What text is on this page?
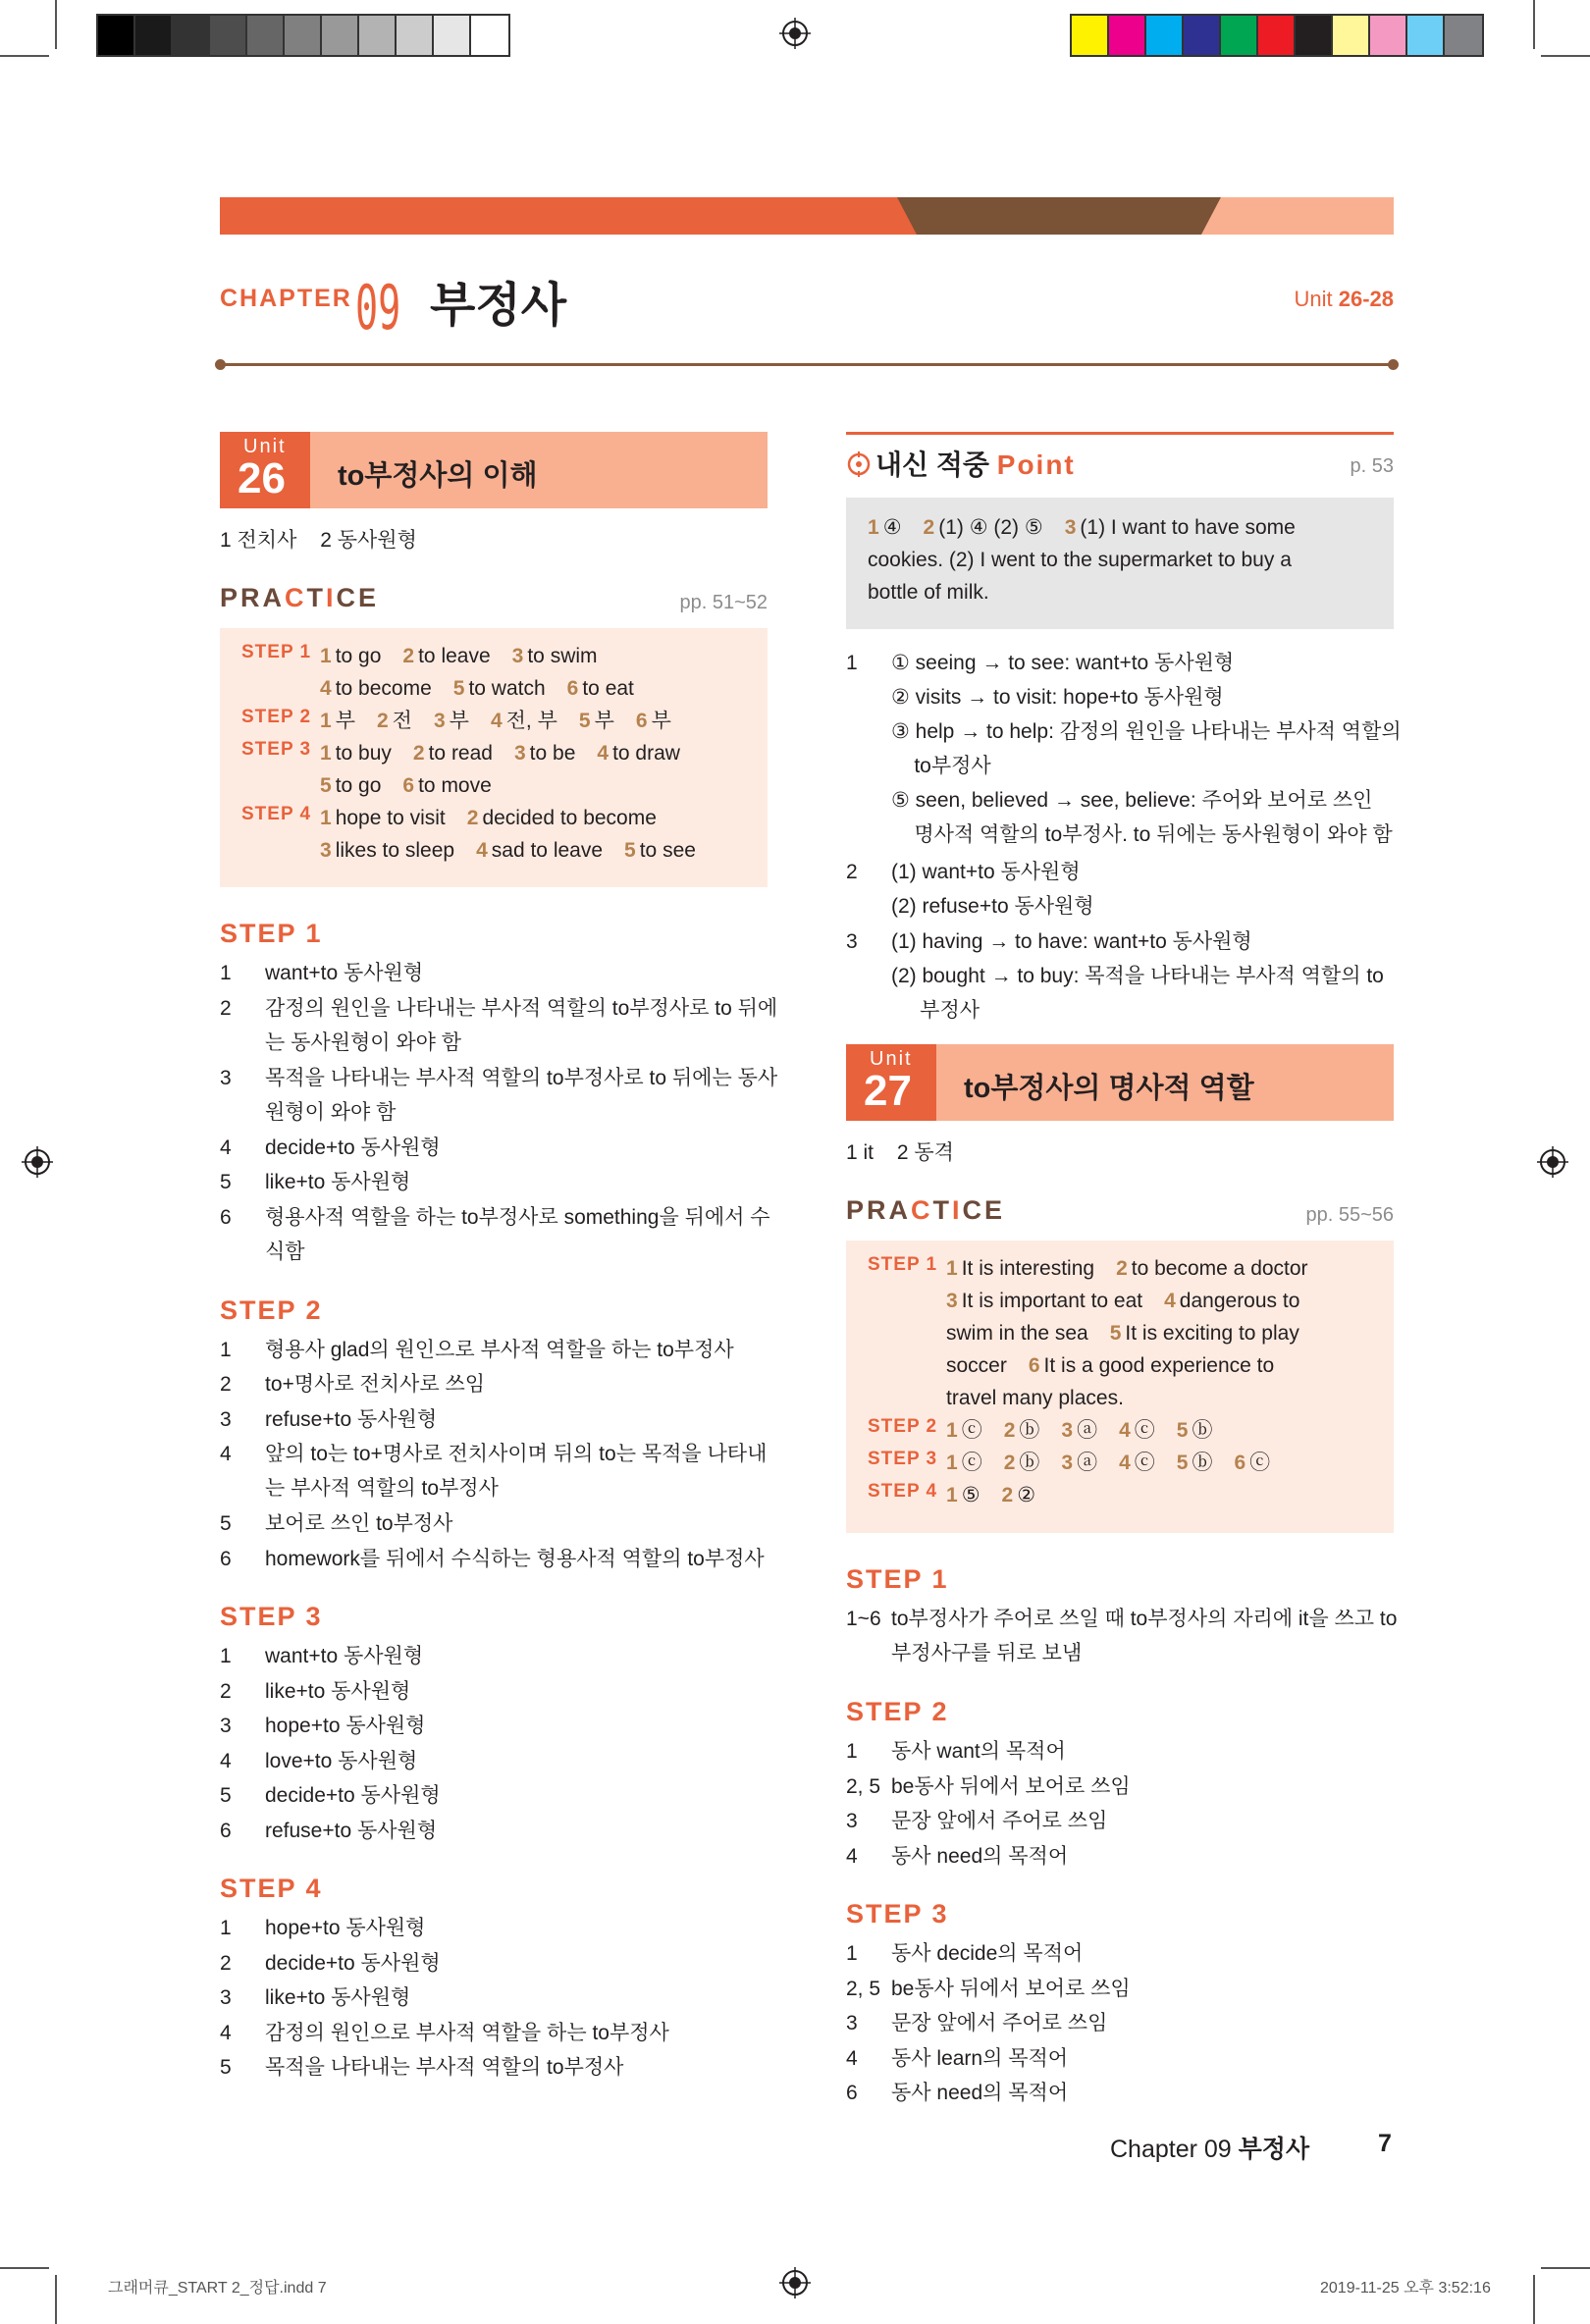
CHAPTER 09 부정사	Unit 26-28
Unit
26 to부정사의 이해
1 전치사 2 동사원형
PRACTICE	pp. 51~52
STEP 1 1 to go 2 to leave 3 to swim
4 to become 5 to watch 6 to eat
STEP 2 1 부 2 전 3 부 4 전, 부 5 부 6 부
STEP 3 1 to buy 2 to read 3 to be 4 to draw
5 to go 6 to move
STEP 4 1 hope to visit 2 decided to become
3 likes to sleep 4 sad to leave 5 to see
STEP 1
1	want+to 동사원형
2	감정의 원인을 나타내는 부사적 역할의 to부정사로 to 뒤에
는 동사원형이 와야 함
3	목적을 나타내는 부사적 역할의 to부정사로 to 뒤에는 동사
원형이 와야 함
4	decide+to 동사원형
5	like+to 동사원형
6	형용사적 역할을 하는 to부정사로 something을 뒤에서 수
식함
STEP 2
1	형용사 glad의 원인으로 부사적 역할을 하는 to부정사
2	to+명사로 전치사로 쓰임
3	refuse+to 동사원형
4	앞의 to는 to+명사로 전치사이며 뒤의 to는 목적을 나타내
는 부사적 역할의 to부정사
5	보어로 쓰인 to부정사
6	homework를 뒤에서 수식하는 형용사적 역할의 to부정사
STEP 3
1	want+to 동사원형
2	like+to 동사원형
3	hope+to 동사원형
4	love+to 동사원형
5	decide+to 동사원형
6	refuse+to 동사원형
STEP 4
1	hope+to 동사원형
2	decide+to 동사원형
3	like+to 동사원형
4	감정의 원인으로 부사적 역할을 하는 to부정사
5	목적을 나타내는 부사적 역할의 to부정사
내신 적중 Point	p. 53
1 ④ 2 (1) ④ (2) ⑤ 3 (1) I want to have some
cookies. (2) I went to the supermarket to buy a
bottle of milk.
1	① seeing → to see: want+to 동사원형
② visits → to visit: hope+to 동사원형
③ help → to help: 감정의 원인을 나타내는 부사적 역할의
to부정사
⑤ seen, believed → see, believe: 주어와 보어로 쓰인
명사적 역할의 to부정사. to 뒤에는 동사원형이 와야 함
2	(1) want+to 동사원형
(2) refuse+to 동사원형
3	(1) having → to have: want+to 동사원형
(2) bought → to buy: 목적을 나타내는 부사적 역할의 to
부정사
Unit
27 to부정사의 명사적 역할
1 it 2 동격
PRACTICE	pp. 55~56
STEP 1 1 It is interesting 2 to become a doctor
3 It is important to eat 4 dangerous to
swim in the sea 5 It is exciting to play
soccer 6 It is a good experience to
travel many places.
STEP 2 1 ⓒ 2 ⓑ 3 ⓐ 4 ⓒ 5 ⓑ
STEP 3 1 ⓒ 2 ⓑ 3 ⓐ 4 ⓒ 5 ⓑ 6 ⓒ
STEP 4 1 ⑤ 2 ②
STEP 1
1~6 to부정사가 주어로 쓰일 때 to부정사의 자리에 it을 쓰고 to
부정사구를 뒤로 보냄
STEP 2
1	동사 want의 목적어
2, 5 be동사 뒤에서 보어로 쓰임
3	문장 앞에서 주어로 쓰임
4	동사 need의 목적어
STEP 3
1	동사 decide의 목적어
2, 5 be동사 뒤에서 보어로 쓰임
3	문장 앞에서 주어로 쓰임
4	동사 learn의 목적어
6	동사 need의 목적어
Chapter 09 부정사	7
그래머큐_START 2_정답.indd 7	2019-11-25 오후 3:52:16
